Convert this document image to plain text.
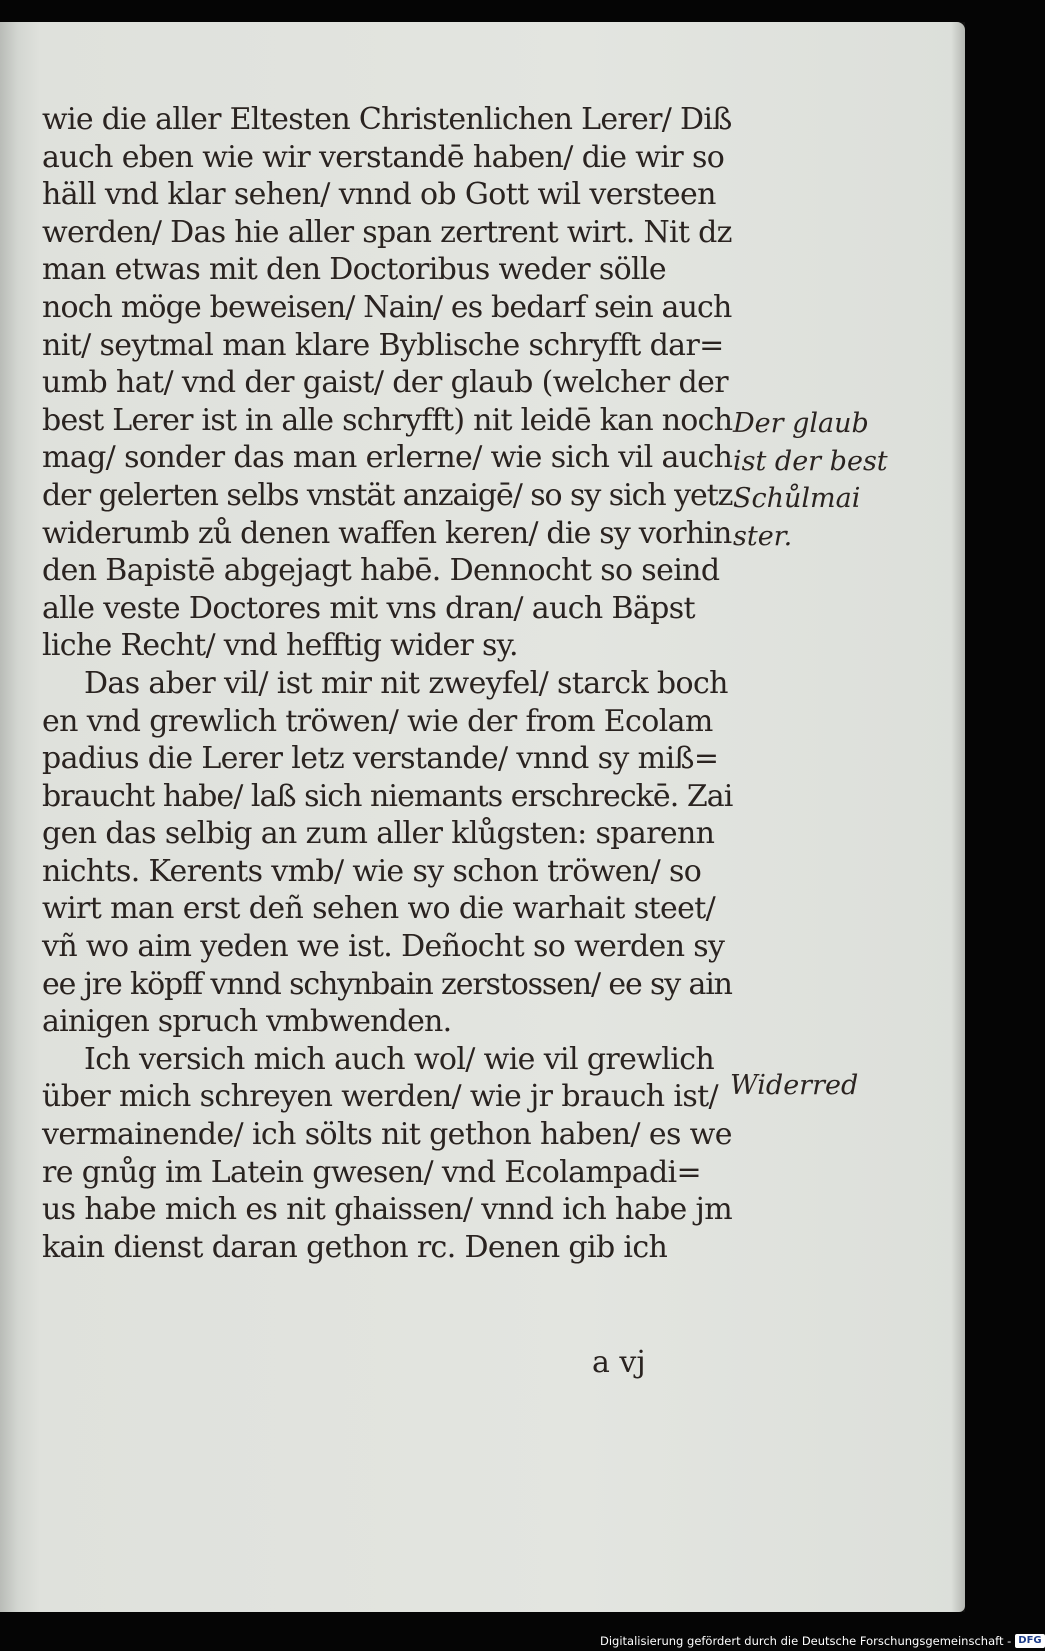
wie die aller Eltesten Christenlichen Lerer/ Diß
auch eben wie wir verstandē haben/ die wir so
häll vnd klar sehen/ vnnd ob Gott wil versteen
werden/ Das hie aller span zertrent wirt. Nit dz
man etwas mit den Doctoribus weder sölle
noch möge beweisen/ Nain/ es bedarf sein auch
nit/ seytmal man klare Byblische schryfft dar=
umb hat/ vnd der gaist/ der glaub (welcher der
best Lerer ist in alle schryfft) nit leidē kan noch
mag/ sonder das man erlerne/ wie sich vil auch
der gelerten selbs vnstät anzaigē/ so sy sich yetz
widerumb zů denen waffen keren/ die sy vorhin
den Bapistē abgejagt habē. Dennocht so seind
alle veste Doctores mit vns dran/ auch Bäpst
liche Recht/ vnd hefftig wider sy.
Das aber vil/ ist mir nit zweyfel/ starck boch
en vnd grewlich tröwen/ wie der from Ecolam
padius die Lerer letz verstande/ vnnd sy miß=
braucht habe/ laß sich niemants erschreckē. Zai
gen das selbig an zum aller klůgsten: sparenn
nichts. Kerents vmb/ wie sy schon tröwen/ so
wirt man erst deñ sehen wo die warhait steet/
vñ wo aim yeden we ist. Deñocht so werden sy
ee jre köpff vnnd schynbain zerstossen/ ee sy ain
ainigen spruch vmbwenden.
Ich versich mich auch wol/ wie vil grewlich
über mich schreyen werden/ wie jr brauch ist/
vermainende/ ich sölts nit gethon haben/ es we
re gnůg im Latein gwesen/ vnd Ecolampadi=
us habe mich es nit ghaissen/ vnnd ich habe jm
kain dienst daran gethon rc. Denen gib ich
a vj
Der glaub
ist der best
Schůlmai
ster.
Widerred
Digitalisierung gefördert durch die Deutsche Forschungsgemeinschaft - DFG
